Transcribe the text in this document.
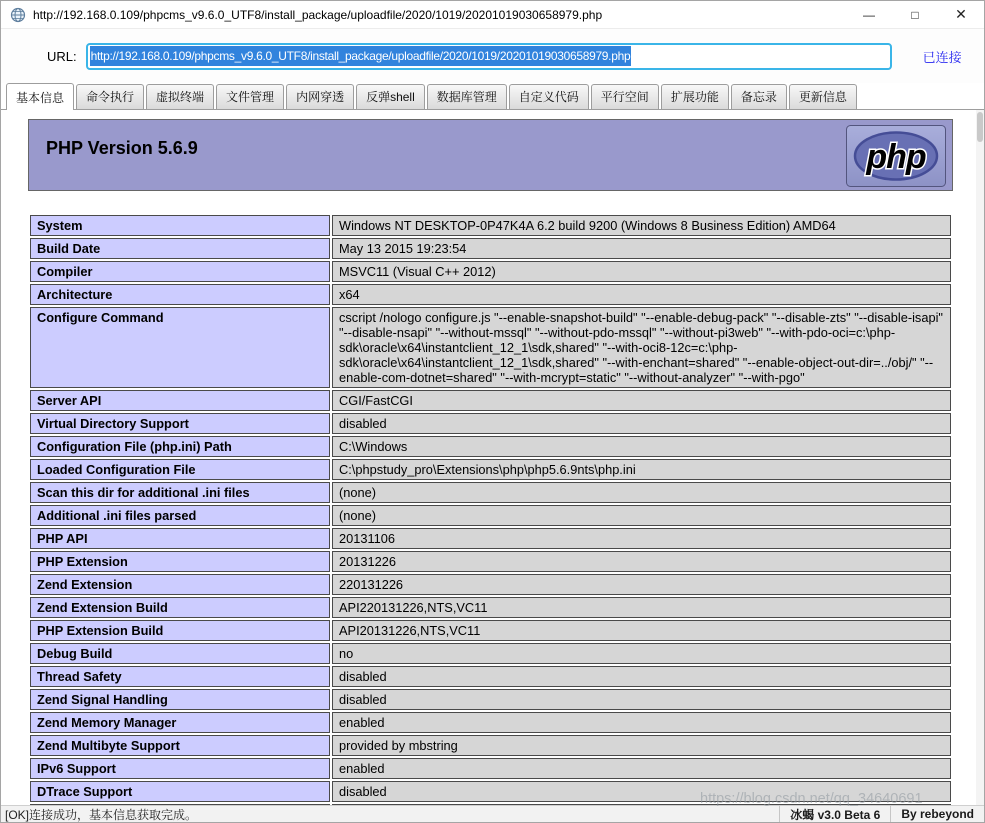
http://192.168.0.109/phpcms_v9.6.0_UTF8/install_package/uploadfile/2020/1019/20201019030658979.php	—	□	✕
URL: http://192.168.0.109/phpcms_v9.6.0_UTF8/install_package/uploadfile/2020/1019/20201019030658979.php	已连接
基本信息	命令执行	虚拟终端	文件管理	内网穿透	反弹shell	数据库管理	自定义代码	平行空间	扩展功能	备忘录	更新信息
PHP Version 5.6.9	php
System	Windows NT DESKTOP-0P47K4A 6.2 build 9200 (Windows 8 Business Edition) AMD64
Build Date	May 13 2015 19:23:54
Compiler	MSVC11 (Visual C++ 2012)
Architecture	x64
Configure Command	cscript /nologo configure.js "--enable-snapshot-build" "--enable-debug-pack" "--disable-zts" "--disable-isapi" "--disable-nsapi" "--without-mssql" "--without-pdo-mssql" "--without-pi3web" "--with-pdo-oci=c:\php-sdk\oracle\x64\instantclient_12_1\sdk,shared" "--with-oci8-12c=c:\php-sdk\oracle\x64\instantclient_12_1\sdk,shared" "--with-enchant=shared" "--enable-object-out-dir=../obj/" "--enable-com-dotnet=shared" "--with-mcrypt=static" "--without-analyzer" "--with-pgo"
Server API	CGI/FastCGI
Virtual Directory Support	disabled
Configuration File (php.ini) Path	C:\Windows
Loaded Configuration File	C:\phpstudy_pro\Extensions\php\php5.6.9nts\php.ini
Scan this dir for additional .ini files	(none)
Additional .ini files parsed	(none)
PHP API	20131106
PHP Extension	20131226
Zend Extension	220131226
Zend Extension Build	API220131226,NTS,VC11
PHP Extension Build	API20131226,NTS,VC11
Debug Build	no
Thread Safety	disabled
Zend Signal Handling	disabled
Zend Memory Manager	enabled
Zend Multibyte Support	provided by mbstring
IPv6 Support	enabled
DTrace Support	disabled

[OK]连接成功，基本信息获取完成。	冰蝎 v3.0 Beta 6	By rebeyond
https://blog.csdn.net/qq_34640691
